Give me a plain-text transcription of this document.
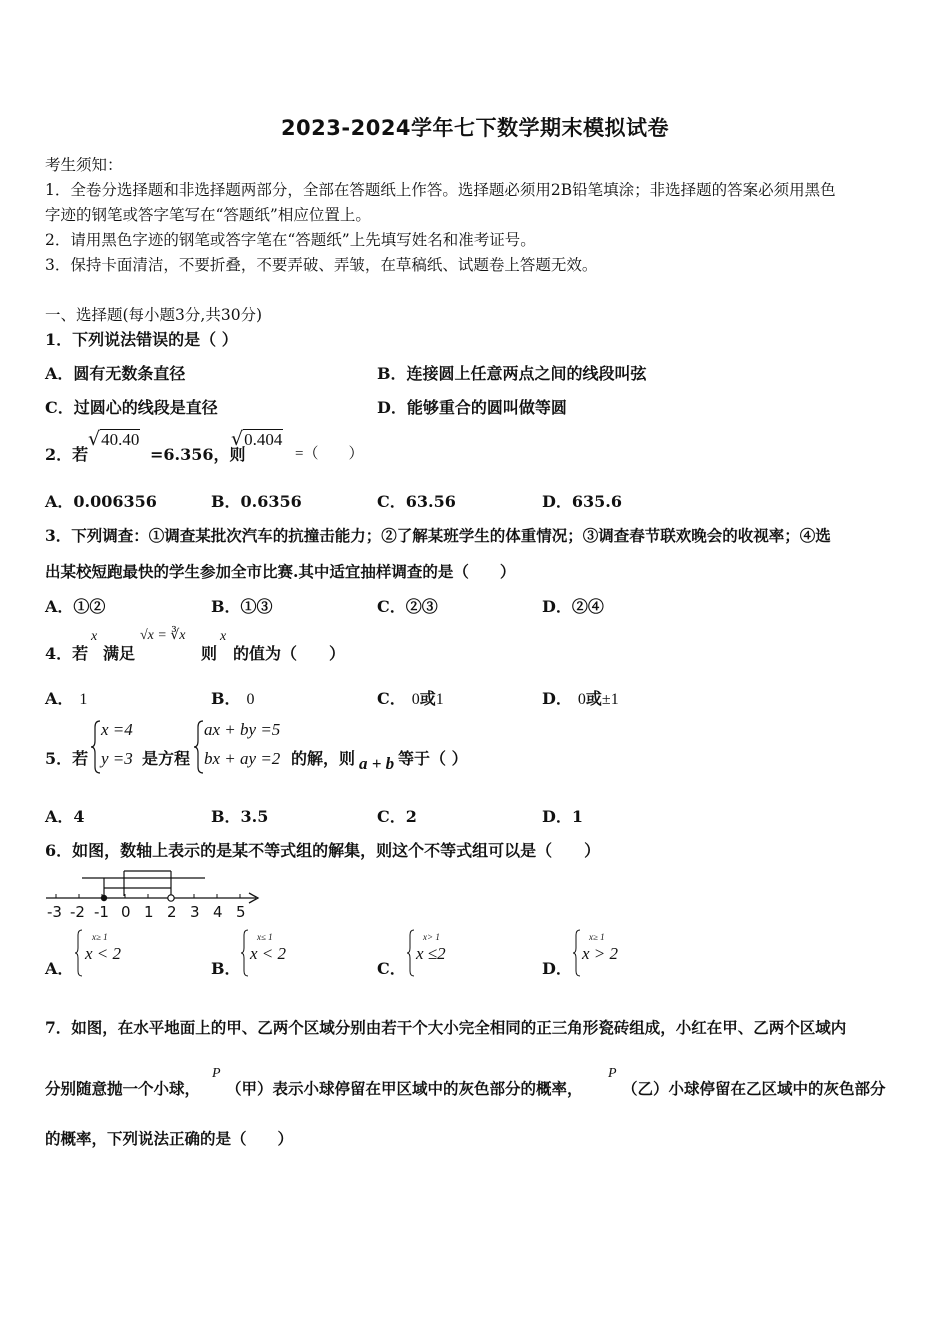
2023-2024学年七下数学期末模拟试卷
考生须知：
1．全卷分选择题和非选择题两部分，全部在答题纸上作答。选择题必须用2B铅笔填涂；非选择题的答案必须用黑色
字迹的钢笔或答字笔写在“答题纸”相应位置上。
2．请用黑色字迹的钢笔或答字笔在“答题纸”上先填写姓名和准考证号。
3．保持卡面清洁，不要折叠，不要弄破、弄皱，在草稿纸、试题卷上答题无效。
一、选择题(每小题3分,共30分)
1．下列说法错误的是（ ）
A．圆有无数条直径	B．连接圆上任意两点之间的线段叫弦
C．过圆心的线段是直径	D．能够重合的圆叫做等圆
2．若
√40.40
=6.356，则
√0.404
=（　　）
A．0.006356	B．0.6356	C．63.56	D．635.6
3．下列调查：①调查某批次汽车的抗撞击能力；②了解某班学生的体重情况；③调查春节联欢晚会的收视率；④选
出某校短跑最快的学生参加全市比赛.其中适宜抽样调查的是（　　）
A．①②	B．①③	C．②③	D．②④
4．若
x
满足
√x = ∛x
则
x
的值为（　　）
A． 1	B． 0	C． 0或1	D． 0或±1
5．若
x =4
y =3 是方程
ax + by =5
bx + ay =2 的解，则 a + b 等于（ ）
A．4	B．3.5	C．2	D．1
6．如图，数轴上表示的是某不等式组的解集，则这个不等式组可以是（　　）
-3 -2 -1 0 1 2 3 4 5
A．
x≥ 1
x < 2
B．
x≤ 1
x < 2
C．
x> 1
x ≤2
D．
x≥ 1
x > 2
7．如图，在水平地面上的甲、乙两个区域分别由若干个大小完全相同的正三角形瓷砖组成，小红在甲、乙两个区域内
分别随意抛一个小球，
P
（甲）表示小球停留在甲区域中的灰色部分的概率，
P
（乙）小球停留在乙区域中的灰色部分
的概率，下列说法正确的是（　　）
